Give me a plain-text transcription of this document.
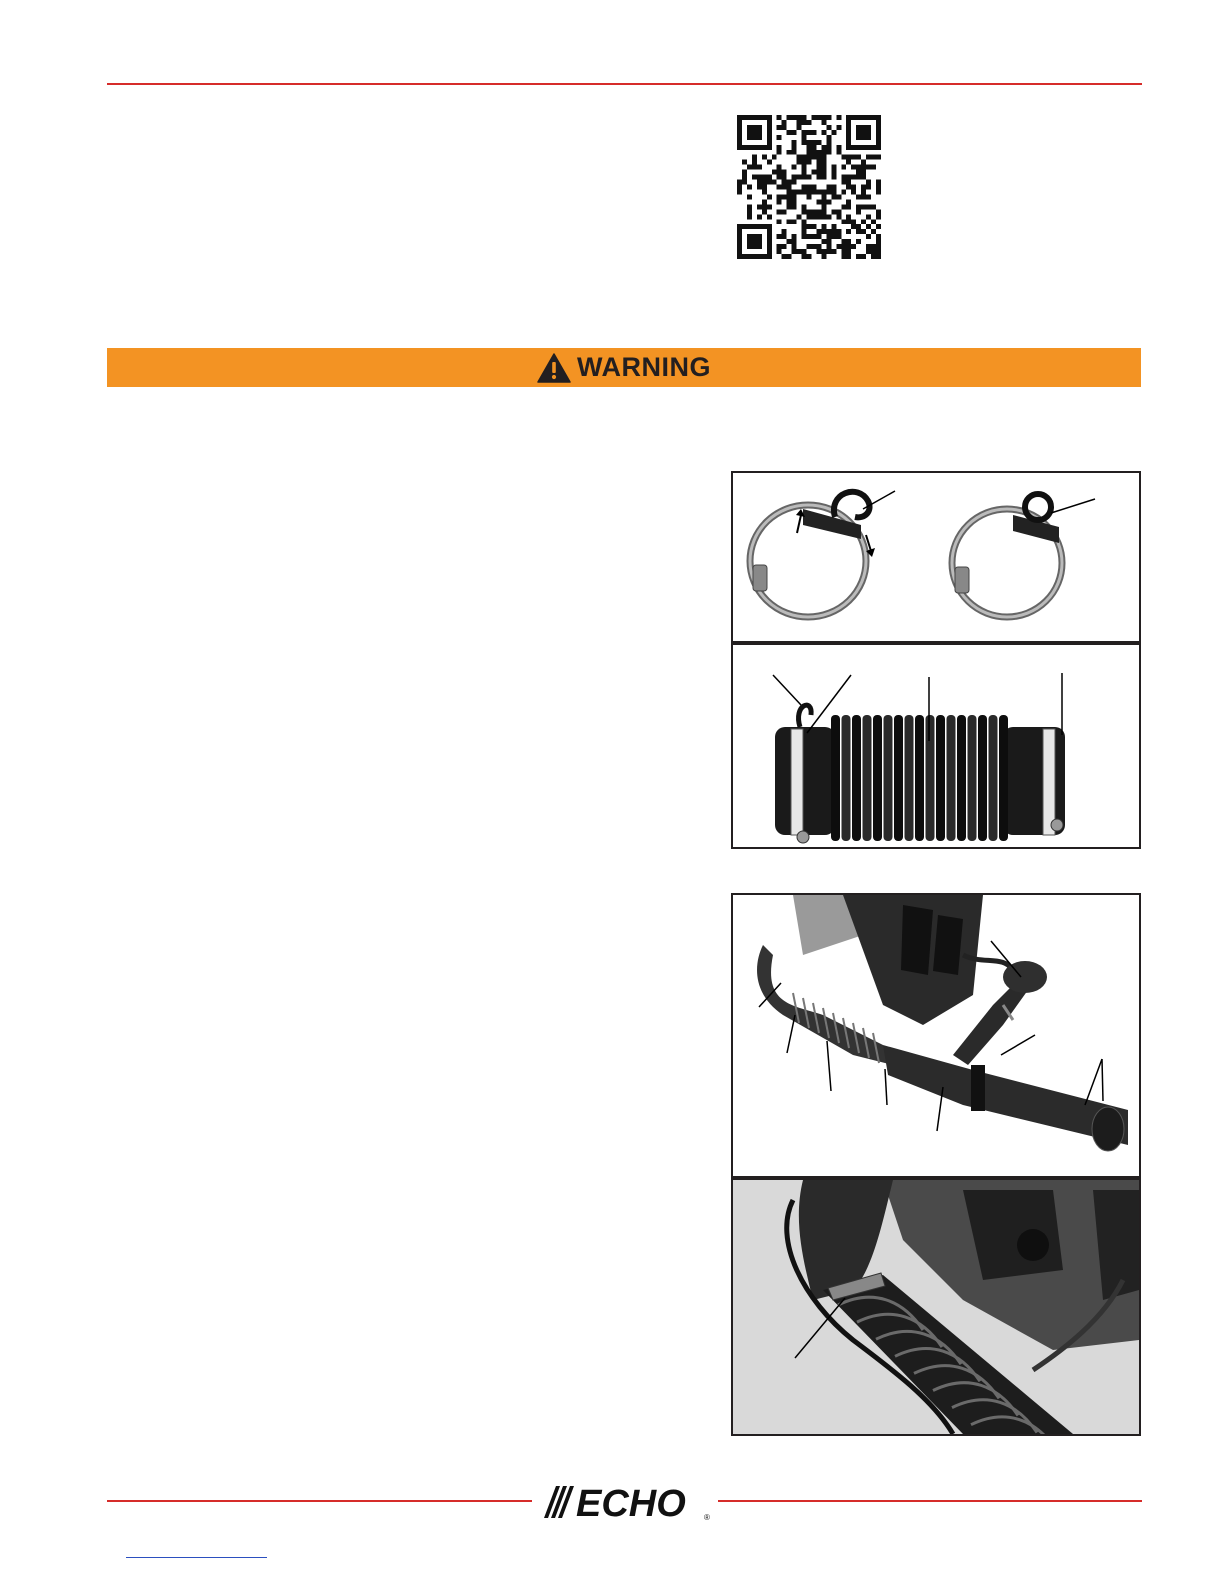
WARNING
ECHO ®
